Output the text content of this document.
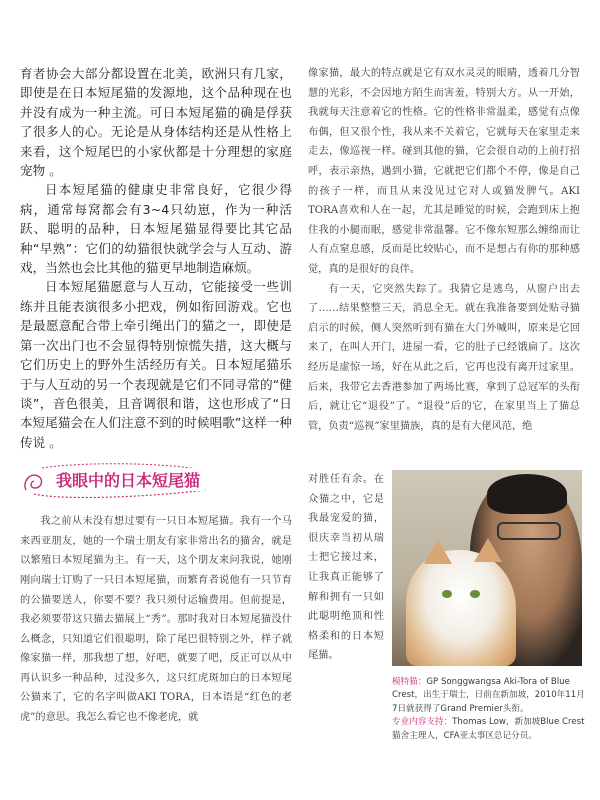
育者协会大部分都设置在北美，欧洲只有几家，即使是在日本短尾猫的发源地，这个品种现在也并没有成为一种主流。可日本短尾猫的确是俘获了很多人的心。无论是从身体结构还是从性格上来看，这个短尾巴的小家伙都是十分理想的家庭宠物 。

日本短尾猫的健康史非常良好，它很少得病，通常每窝都会有3~4只幼崽，作为一种活跃、聪明的品种，日本短尾猫显得要比其它品种“早熟”：它们的幼猫很快就学会与人互动、游戏，当然也会比其他的猫更早地制造麻烦。

日本短尾猫愿意与人互动，它能接受一些训练并且能表演很多小把戏，例如衔回游戏。它也是最愿意配合带上牵引绳出门的猫之一，即使是第一次出门也不会显得特别惊慌失措，这大概与它们历史上的野外生活经历有关。日本短尾猫乐于与人互动的另一个表现就是它们不同寻常的“健谈”，音色很美，且音调很和谐，这也形成了“日本短尾猫会在人们注意不到的时候唱歌”这样一种传说 。

我眼中的日本短尾猫

我之前从未没有想过要有一只日本短尾猫。我有一个马来西亚朋友，她的一个瑞士朋友有家非常出名的猫舍，就是以繁殖日本短尾猫为主。有一天，这个朋友来问我说，她刚刚向瑞士订购了一只日本短尾猫，而繁育者说他有一只节育的公猫要送人，你要不要？我只须付运输费用。但前提是，我必须要带这只猫去猫展上“秀”。那时我对日本短尾猫没什么概念，只知道它们很聪明，除了尾巴很特别之外，样子就像家猫一样，那我想了想，好吧，就要了吧，反正可以从中再认识多一种品种，过没多久，这只红虎斑加白的日本短尾公猫来了，它的名字叫做AKI TORA，日本语是“红色的老虎”的意思。我怎么看它也不像老虎，就

像家猫，最大的特点就是它有双水灵灵的眼睛，透着几分智慧的光彩，不会因地方陌生而害羞，特别大方。从一开始，我就每天注意着它的性格。它的性格非常温柔，感觉有点像布偶，但又很个性，我从来不关着它，它就每天在家里走来走去，像巡视一样。碰到其他的猫，它会很自动的上前打招呼，表示亲热，遇到小猫，它就把它们都个不停，像是自己的孩子一样，而且从来没见过它对人或猫发脾气。AKI TORA喜欢和人在一起，尤其是睡觉的时候，会跑到床上抱住我的小腿而眠，感觉非常温馨。它不像东短那么缠绵而让人有点窒息感，反而是比较贴心，而不是想占有你的那种感觉，真的是很好的良伴。

有一天，它突然失踪了。我猜它是逃鸟，从窗户出去了……结果整整三天，消息全无。就在我准备要到处贴寻猫启示的时候，侧人突然听到有猫在大门外喊叫，原来是它回来了，在叫人开门，进屋一看，它的肚子已经饿扁了。这次经历是虚惊一场，好在从此之后，它再也没有离开过家里。后来，我带它去香港参加了两场比赛，拿到了总冠军的头衔后，就让它“退役”了。“退役”后的它，在家里当上了猫总管，负责“巡视”家里猫族，真的是有大佬风范，绝

对胜任有余。在众猫之中，它是我最宠爱的猫，很庆幸当初从瑞士把它接过来，让我真正能够了解和拥有一只如此聪明绝顶和性格柔和的日本短尾猫。

模特猫：GP Songgwangsa Aki-Tora of Blue Crest，出生于瑞士，日前在新加坡，2010年11月7日就获得了Grand Premier头衔。
专业内容支持：Thomas Low，新加坡Blue Crest猫舍主理人，CFA亚太事区总记分员。
